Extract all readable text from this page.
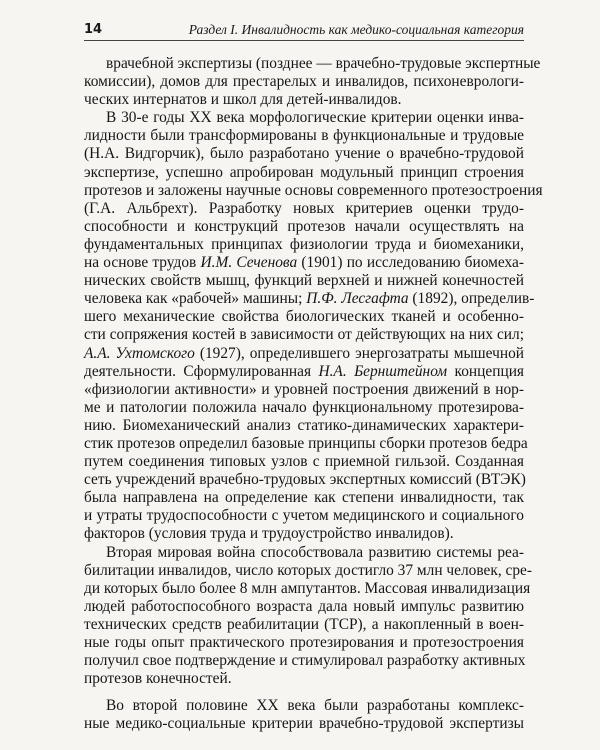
14	Раздел I. Инвалидность как медико-социальная категория
врачебной экспертизы (позднее — врачебно-трудовые экспертные
комиссии), домов для престарелых и инвалидов, психоневрологи-
ческих интернатов и школ для детей-инвалидов.
В 30-е годы XX века морфологические критерии оценки инва-
лидности были трансформированы в функциональные и трудовые
(Н.А. Видгорчик), было разработано учение о врачебно-трудовой
экспертизе, успешно апробирован модульный принцип строения
протезов и заложены научные основы современного протезостроения
(Г.А. Альбрехт). Разработку новых критериев оценки трудо-
способности и конструкций протезов начали осуществлять на
фундаментальных принципах физиологии труда и биомеханики,
на основе трудов И.М. Сеченова (1901) по исследованию биомеха-
нических свойств мышц, функций верхней и нижней конечностей
человека как «рабочей» машины; П.Ф. Лесгафта (1892), определив-
шего механические свойства биологических тканей и особенно-
сти сопряжения костей в зависимости от действующих на них сил;
А.А. Ухтомского (1927), определившего энергозатраты мышечной
деятельности. Сформулированная Н.А. Бернштейном концепция
«физиологии активности» и уровней построения движений в нор-
ме и патологии положила начало функциональному протезирова-
нию. Биомеханический анализ статико-динамических характери-
стик протезов определил базовые принципы сборки протезов бедра
путем соединения типовых узлов с приемной гильзой. Созданная
сеть учреждений врачебно-трудовых экспертных комиссий (ВТЭК)
была направлена на определение как степени инвалидности, так
и утраты трудоспособности с учетом медицинского и социального
факторов (условия труда и трудоустройство инвалидов).
Вторая мировая война способствовала развитию системы реа-
билитации инвалидов, число которых достигло 37 млн человек, сре-
ди которых было более 8 млн ампутантов. Массовая инвалидизация
людей работоспособного возраста дала новый импульс развитию
технических средств реабилитации (ТСР), а накопленный в воен-
ные годы опыт практического протезирования и протезостроения
получил свое подтверждение и стимулировал разработку активных
протезов конечностей.
Во второй половине XX века были разработаны комплекс-
ные медико-социальные критерии врачебно-трудовой экспертизы
